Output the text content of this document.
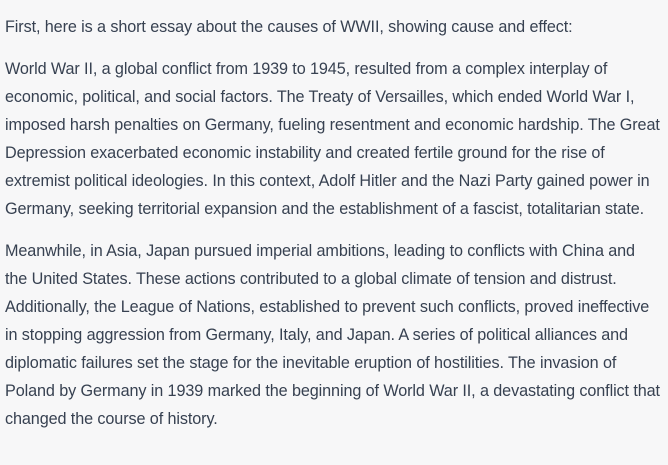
First, here is a short essay about the causes of WWII, showing cause and effect:

World War II, a global conflict from 1939 to 1945, resulted from a complex interplay of
economic, political, and social factors. The Treaty of Versailles, which ended World War I,
imposed harsh penalties on Germany, fueling resentment and economic hardship. The Great
Depression exacerbated economic instability and created fertile ground for the rise of
extremist political ideologies. In this context, Adolf Hitler and the Nazi Party gained power in
Germany, seeking territorial expansion and the establishment of a fascist, totalitarian state.

Meanwhile, in Asia, Japan pursued imperial ambitions, leading to conflicts with China and
the United States. These actions contributed to a global climate of tension and distrust.
Additionally, the League of Nations, established to prevent such conflicts, proved ineffective
in stopping aggression from Germany, Italy, and Japan. A series of political alliances and
diplomatic failures set the stage for the inevitable eruption of hostilities. The invasion of
Poland by Germany in 1939 marked the beginning of World War II, a devastating conflict that
changed the course of history.
